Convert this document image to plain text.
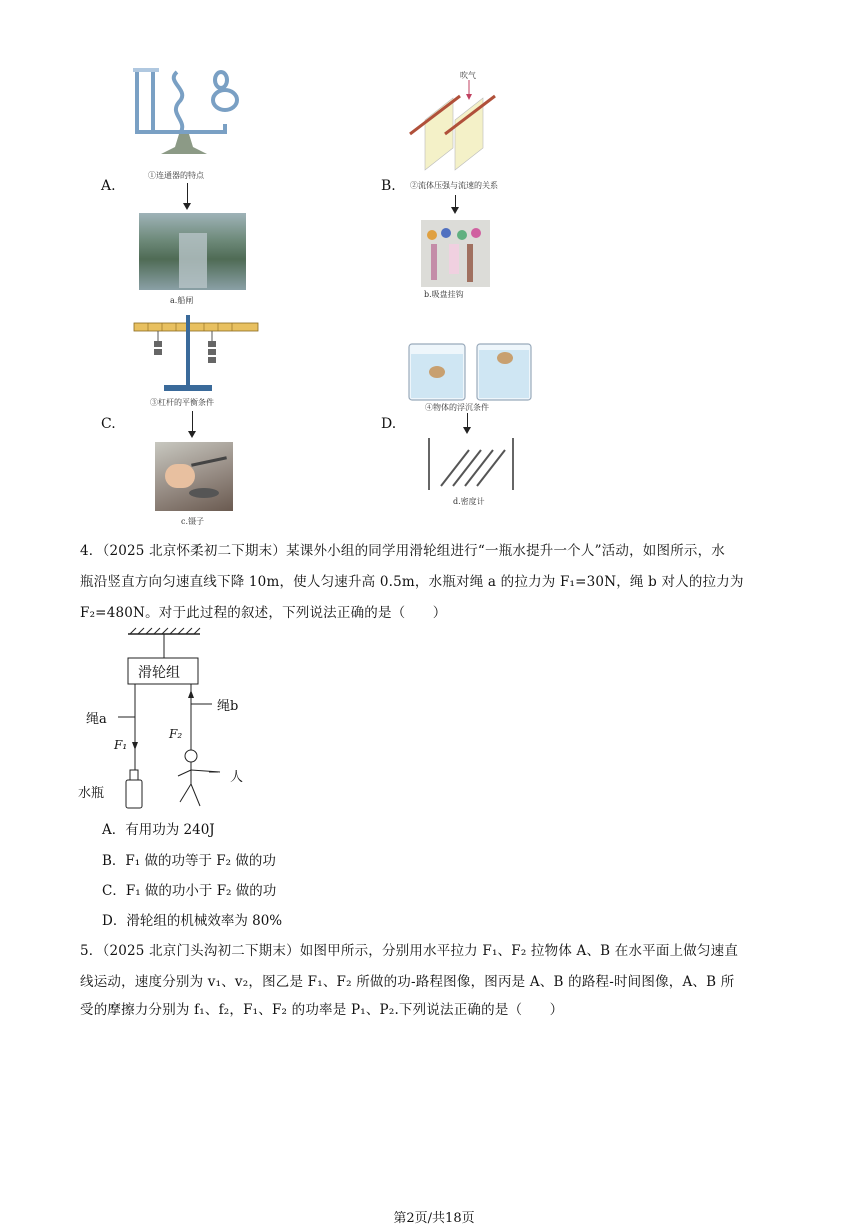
A.
①连通器的特点
a.船闸
B.
吹气
②流体压强与流速的关系
b.吸盘挂钩
C.
③杠杆的平衡条件
c.镊子
D.
④物体的浮沉条件
d.密度计
4．（2025 北京怀柔初二下期末）某课外小组的同学用滑轮组进行“一瓶水提升一个人”活动，如图所示，水
瓶沿竖直方向匀速直线下降 10m，使人匀速升高 0.5m，水瓶对绳 a 的拉力为 F₁=30N，绳 b 对人的拉力为
F₂=480N。对于此过程的叙述，下列说法正确的是（　　）
滑轮组
绳b
绳a
F₂
F₁
人
水瓶
A．有用功为 240J
B．F₁ 做的功等于 F₂ 做的功
C．F₁ 做的功小于 F₂ 做的功
D．滑轮组的机械效率为 80%
5．（2025 北京门头沟初二下期末）如图甲所示，分别用水平拉力 F₁、F₂ 拉物体 A、B 在水平面上做匀速直
线运动，速度分别为 v₁、v₂，图乙是 F₁、F₂ 所做的功-路程图像，图丙是 A、B 的路程-时间图像，A、B 所
受的摩擦力分别为 f₁、f₂，F₁、F₂ 的功率是 P₁、P₂.下列说法正确的是（　　）
第2页/共18页
